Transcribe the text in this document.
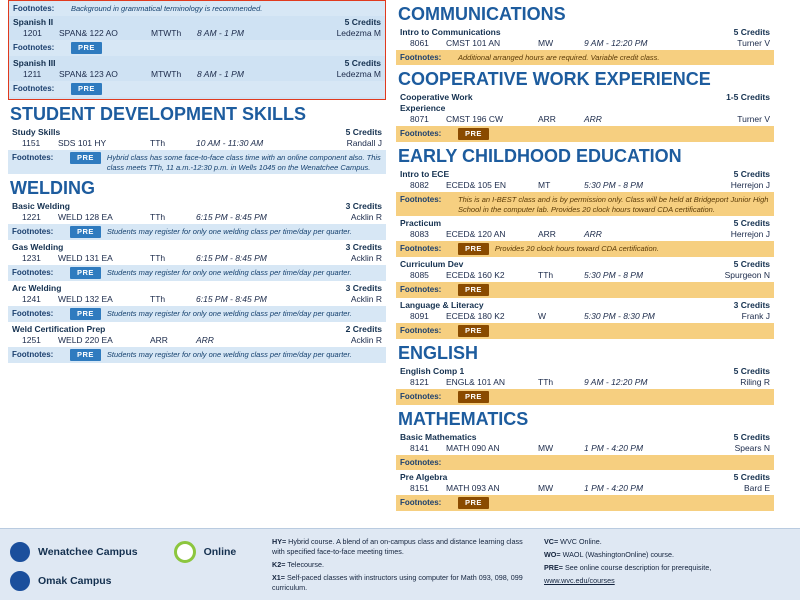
Footnotes:	Background in grammatical terminology is recommended.
Spanish II	5 Credits
1201	SPAN& 122 AO	MTWTh	8 AM - 1 PM	Ledezma M
Footnotes:	PRE
Spanish III	5 Credits
1211	SPAN& 123 AO	MTWTh	8 AM - 1 PM	Ledezma M
Footnotes:	PRE
STUDENT DEVELOPMENT SKILLS
Study Skills	5 Credits
1151	SDS 101 HY	TTh	10 AM - 11:30 AM	Randall J
Footnotes:	PRE	Hybrid class has some face-to-face class time with an online component also. This class meets TTh, 11 a.m.-12:30 p.m. in Wells 1045 on the Wenatchee Campus.
WELDING
Basic Welding	3 Credits
1221	WELD 128 EA	TTh	6:15 PM - 8:45 PM	Acklin R
Footnotes:	PRE	Students may register for only one welding class per time/day per quarter.
Gas Welding	3 Credits
1231	WELD 131 EA	TTh	6:15 PM - 8:45 PM	Acklin R
Footnotes:	PRE	Students may register for only one welding class per time/day per quarter.
Arc Welding	3 Credits
1241	WELD 132 EA	TTh	6:15 PM - 8:45 PM	Acklin R
Footnotes:	PRE	Students may register for only one welding class per time/day per quarter.
Weld Certification Prep	2 Credits
1251	WELD 220 EA	ARR	ARR	Acklin R
Footnotes:	PRE	Students may register for only one welding class per time/day per quarter.
COMMUNICATIONS
Intro to Communications	5 Credits
8061	CMST 101 AN	MW	9 AM - 12:20 PM	Turner V
Footnotes:	Additional arranged hours are required. Variable credit class.
COOPERATIVE WORK EXPERIENCE
Cooperative Work Experience
1-5 Credits
8071	CMST 196 CW	ARR	ARR	Turner V
Footnotes:	PRE
EARLY CHILDHOOD EDUCATION
Intro to ECE	5 Credits
8082	ECED& 105 EN	MT	5:30 PM - 8 PM	Herrejon J
Footnotes:	This is an I-BEST class and is by permission only. Class will be held at Bridgeport Junior High School in the computer lab. Provides 20 clock hours toward CDA certification.
Practicum	5 Credits
8083	ECED& 120 AN	ARR	ARR	Herrejon J
Footnotes:	PRE	Provides 20 clock hours toward CDA certification.
Curriculum Dev	5 Credits
8085	ECED& 160 K2	TTh	5:30 PM - 8 PM	Spurgeon N
Footnotes:	PRE
Language & Literacy	3 Credits
8091	ECED& 180 K2	W	5:30 PM - 8:30 PM	Frank J
Footnotes:	PRE
ENGLISH
English Comp 1	5 Credits
8121	ENGL& 101 AN	TTh	9 AM - 12:20 PM	Riling R
Footnotes:	PRE
MATHEMATICS
Basic Mathematics	5 Credits
8141	MATH 090 AN	MW	1 PM - 4:20 PM	Spears N
Footnotes:
Pre Algebra	5 Credits
8151	MATH 093 AN	MW	1 PM - 4:20 PM	Bard E
Footnotes:	PRE
Wenatchee Campus	Online
Omak Campus
HY= Hybrid course. A blend of an on-campus class and distance learning class with specified face-to-face meeting times.
K2= Telecourse.
X1= Self-paced classes with instructors using computer for Math 093, 098, 099 curriculum.
VC= WVC Online.
WO= WAOL (WashingtonOnline) course.
PRE= See online course description for prerequisite,
www.wvc.edu/courses
